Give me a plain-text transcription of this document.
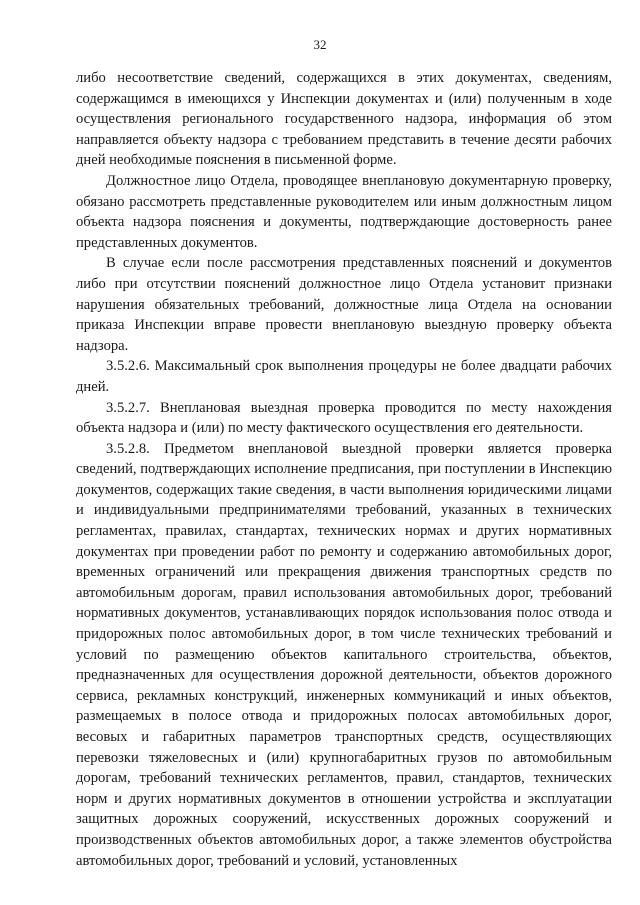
32

либо несоответствие сведений, содержащихся в этих документах, сведениям, содержащимся в имеющихся у Инспекции документах и (или) полученным в ходе осуществления регионального государственного надзора, информация об этом направляется объекту надзора с требованием представить в течение десяти рабочих дней необходимые пояснения в письменной форме.

Должностное лицо Отдела, проводящее внеплановую документарную проверку, обязано рассмотреть представленные руководителем или иным должностным лицом объекта надзора пояснения и документы, подтверждающие достоверность ранее представленных документов.

В случае если после рассмотрения представленных пояснений и документов либо при отсутствии пояснений должностное лицо Отдела установит признаки нарушения обязательных требований, должностные лица Отдела на основании приказа Инспекции вправе провести внеплановую выездную проверку объекта надзора.

3.5.2.6. Максимальный срок выполнения процедуры не более двадцати рабочих дней.

3.5.2.7. Внеплановая выездная проверка проводится по месту нахождения объекта надзора и (или) по месту фактического осуществления его деятельности.

3.5.2.8. Предметом внеплановой выездной проверки является проверка сведений, подтверждающих исполнение предписания, при поступлении в Инспекцию документов, содержащих такие сведения, в части выполнения юридическими лицами и индивидуальными предпринимателями требований, указанных в технических регламентах, правилах, стандартах, технических нормах и других нормативных документах при проведении работ по ремонту и содержанию автомобильных дорог, временных ограничений или прекращения движения транспортных средств по автомобильным дорогам, правил использования автомобильных дорог, требований нормативных документов, устанавливающих порядок использования полос отвода и придорожных полос автомобильных дорог, в том числе технических требований и условий по размещению объектов капитального строительства, объектов, предназначенных для осуществления дорожной деятельности, объектов дорожного сервиса, рекламных конструкций, инженерных коммуникаций и иных объектов, размещаемых в полосе отвода и придорожных полосах автомобильных дорог, весовых и габаритных параметров транспортных средств, осуществляющих перевозки тяжеловесных и (или) крупногабаритных грузов по автомобильным дорогам, требований технических регламентов, правил, стандартов, технических норм и других нормативных документов в отношении устройства и эксплуатации защитных дорожных сооружений, искусственных дорожных сооружений и производственных объектов автомобильных дорог, а также элементов обустройства автомобильных дорог, требований и условий, установленных
